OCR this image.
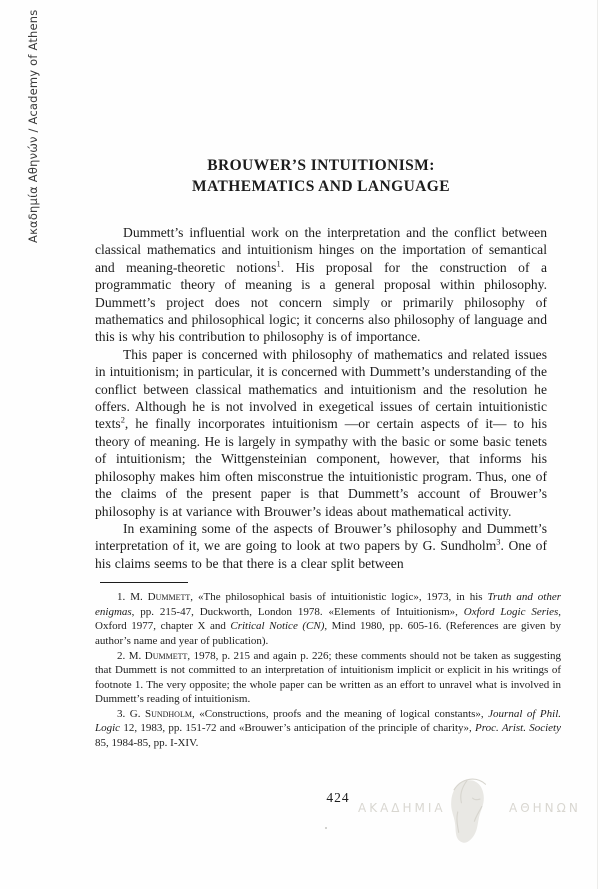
Ακαδημία Αθηνών / Academy of Athens	BROUWER’S INTUITIONISM:
MATHEMATICS AND LANGUAGE

Dummett’s influential work on the interpretation and the conflict between classical mathematics and intuitionism hinges on the importation of semantical and meaning-theoretic notions$^1$. His proposal for the construction of a programmatic theory of meaning is a general proposal within philosophy. Dummett’s project does not concern simply or primarily philosophy of mathematics and philosophical logic; it concerns also philosophy of language and this is why his contribution to philosophy is of importance.

This paper is concerned with philosophy of mathematics and related issues in intuitionism; in particular, it is concerned with Dummett’s understanding of the conflict between classical mathematics and intuitionism and the resolution he offers. Although he is not involved in exegetical issues of certain intuitionistic texts$^2$, he finally incorporates intuitionism —or certain aspects of it— to his theory of meaning. He is largely in sympathy with the basic or some basic tenets of intuitionism; the Wittgensteinian component, however, that informs his philosophy makes him often misconstrue the intuitionistic program. Thus, one of the claims of the present paper is that Dummett’s account of Brouwer’s philosophy is at variance with Brouwer’s ideas about mathematical activity.

In examining some of the aspects of Brouwer’s philosophy and Dummett’s interpretation of it, we are going to look at two papers by G. Sundholm$^3$. One of his claims seems to be that there is a clear split between

1. M. Dummett, «The philosophical basis of intuitionistic logic», 1973, in his Truth and other enigmas, pp. 215-47, Duckworth, London 1978. «Elements of Intuitionism», Oxford Logic Series, Oxford 1977, chapter X and Critical Notice (CN), Mind 1980, pp. 605-16. (References are given by author’s name and year of publication).

2. M. Dummett, 1978, p. 215 and again p. 226; these comments should not be taken as suggesting that Dummett is not committed to an interpretation of intuitionism implicit or explicit in his writings of footnote 1. The very opposite; the whole paper can be written as an effort to unravel what is involved in Dummett’s reading of intuitionism.

3. G. Sundholm, «Constructions, proofs and the meaning of logical constants», Journal of Phil. Logic 12, 1983, pp. 151-72 and «Brouwer’s anticipation of the principle of charity», Proc. Arist. Society 85, 1984-85, pp. I-XIV.

424
ΑΚΑΔΗΜΙΑ	ΑΘΗΝΩΝ
